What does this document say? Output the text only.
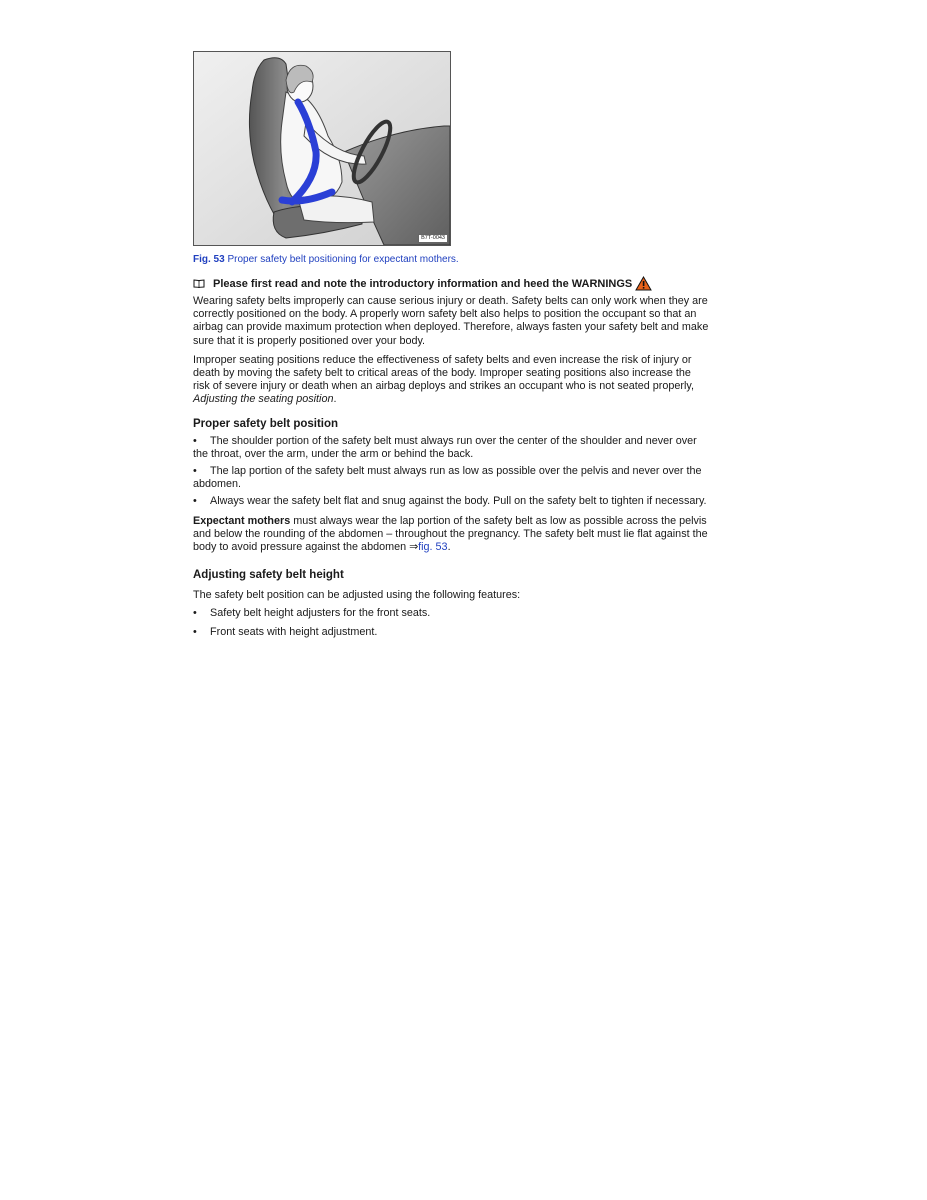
B7T-0043
Fig. 53 Proper safety belt positioning for expectant mothers.
Please first read and note the introductory information and heed the WARNINGS

Wearing safety belts improperly can cause serious injury or death. Safety belts can only work when they are correctly positioned on the body. A properly worn safety belt also helps to position the occupant so that an airbag can provide maximum protection when deployed. Therefore, always fasten your safety belt and make sure that it is properly positioned over your body.

Improper seating positions reduce the effectiveness of safety belts and even increase the risk of injury or death by moving the safety belt to critical areas of the body. Improper seating positions also increase the risk of severe injury or death when an airbag deploys and strikes an occupant who is not seated properly, Adjusting the seating position.

Proper safety belt position
• The shoulder portion of the safety belt must always run over the center of the shoulder and never over the throat, over the arm, under the arm or behind the back.
• The lap portion of the safety belt must always run as low as possible over the pelvis and never over the abdomen.
• Always wear the safety belt flat and snug against the body. Pull on the safety belt to tighten if necessary.

Expectant mothers must always wear the lap portion of the safety belt as low as possible across the pelvis and below the rounding of the abdomen – throughout the pregnancy. The safety belt must lie flat against the body to avoid pressure against the abdomen ⇒fig. 53.

Adjusting safety belt height

The safety belt position can be adjusted using the following features:

• Safety belt height adjusters for the front seats.
• Front seats with height adjustment.
